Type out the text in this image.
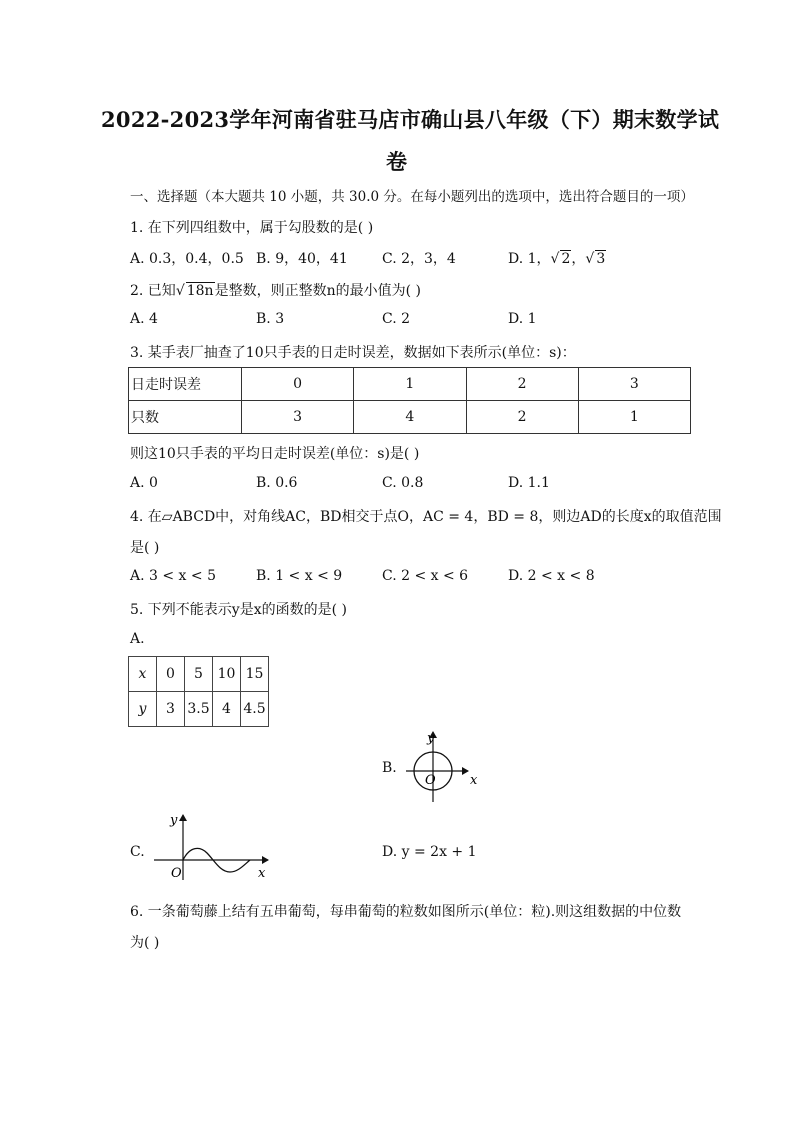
2022-2023学年河南省驻马店市确山县八年级（下）期末数学试
卷
一、选择题（本大题共 10 小题，共 30.0 分。在每小题列出的选项中，选出符合题目的一项）
1. 在下列四组数中，属于勾股数的是( )
A. 0.3，0.4，0.5 B. 9，40，41 C. 2，3，4	D. 1，√ 2，√ 3
2. 已知√ 18n是整数，则正整数n的最小值为( )
A. 4	B. 3	C. 2	D. 1
3. 某手表厂抽查了10只手表的日走时误差，数据如下表所示(单位：s)：
日走时误差	0	1	2	3
只数	3	4	2	1
则这10只手表的平均日走时误差(单位：s)是( )
A. 0	B. 0.6	C. 0.8	D. 1.1
4. 在▱ABCD中，对角线AC，BD相交于点O，AC = 4，BD = 8，则边AD的长度x的取值范围
是( )
A. 3 < x < 5	B. 1 < x < 9	C. 2 < x < 6	D. 2 < x < 8
5. 下列不能表示y是x的函数的是( )
A.
x	0	5	10	15
y	3	3.5	4	4.5
B.
y
x
O
C.
y
x
O
D. y = 2x + 1
6. 一条葡萄藤上结有五串葡萄，每串葡萄的粒数如图所示(单位：粒).则这组数据的中位数
为( )
